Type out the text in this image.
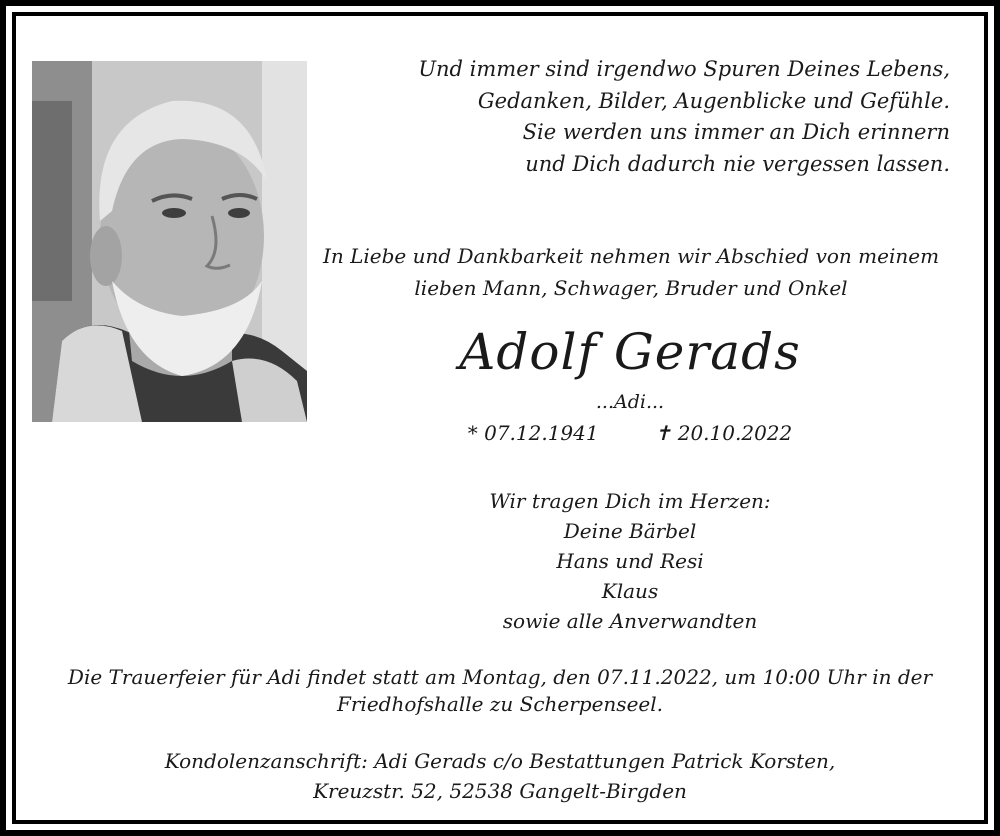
Und immer sind irgendwo Spuren Deines Lebens,
Gedanken, Bilder, Augenblicke und Gefühle.
Sie werden uns immer an Dich erinnern
und Dich dadurch nie vergessen lassen.
In Liebe und Dankbarkeit nehmen wir Abschied von meinem
lieben Mann, Schwager, Bruder und Onkel
Adolf Gerads
...Adi...
* 07.12.1941	✝ 20.10.2022
Wir tragen Dich im Herzen:
Deine Bärbel
Hans und Resi
Klaus
sowie alle Anverwandten
Die Trauerfeier für Adi findet statt am Montag, den 07.11.2022, um 10:00 Uhr in der
Friedhofshalle zu Scherpenseel.
Kondolenzanschrift: Adi Gerads c/o Bestattungen Patrick Korsten,
Kreuzstr. 52, 52538 Gangelt-Birgden
